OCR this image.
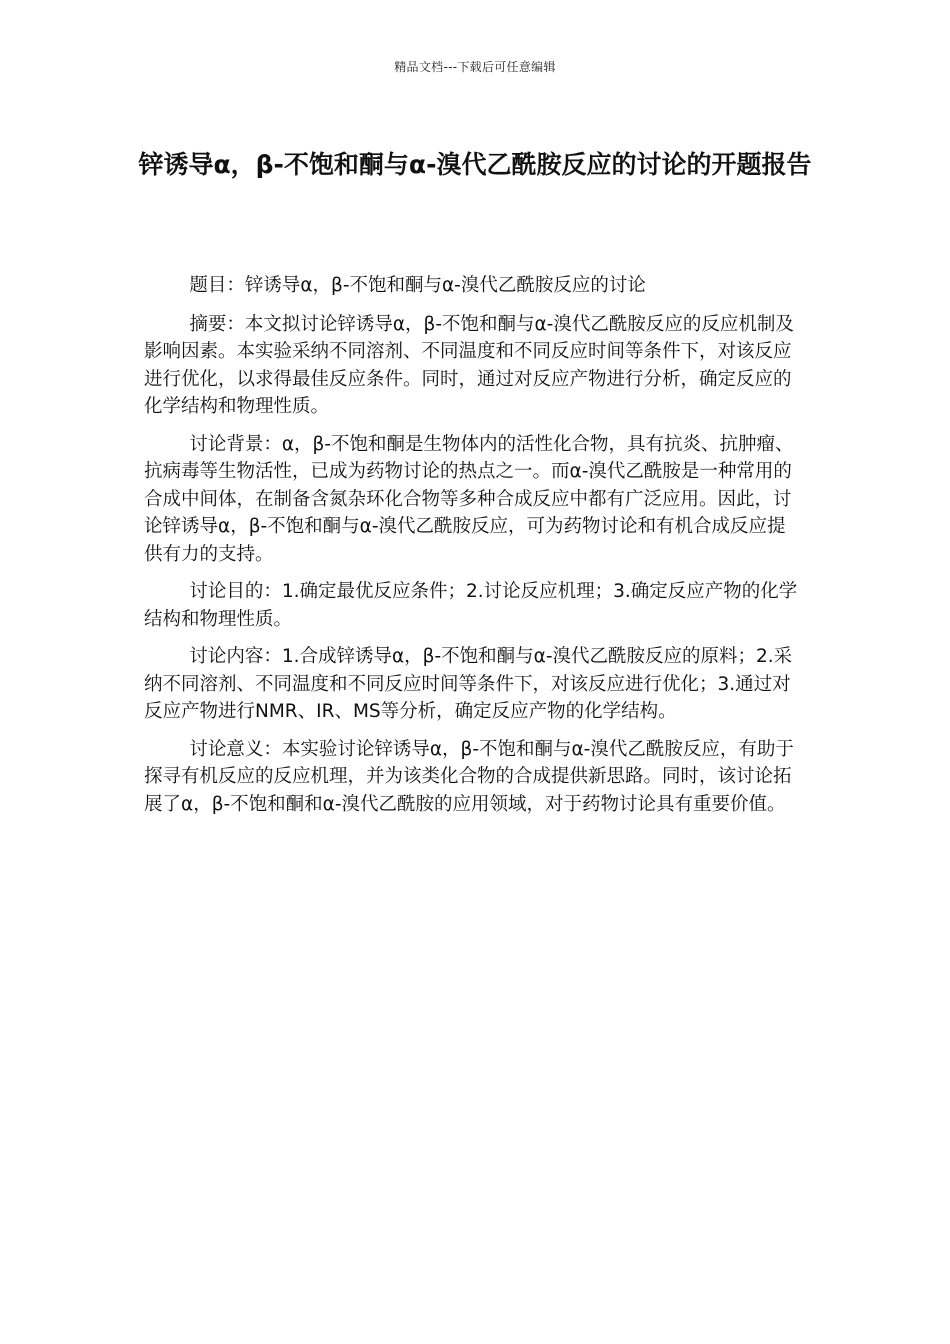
精品文档---下载后可任意编辑
锌诱导α，β-不饱和酮与α-溴代乙酰胺反应的讨论的开题报告

题目：锌诱导α，β-不饱和酮与α-溴代乙酰胺反应的讨论

摘要：本文拟讨论锌诱导α，β-不饱和酮与α-溴代乙酰胺反应的反应机制及影响因素。本实验采纳不同溶剂、不同温度和不同反应时间等条件下，对该反应进行优化，以求得最佳反应条件。同时，通过对反应产物进行分析，确定反应的化学结构和物理性质。

讨论背景：α，β-不饱和酮是生物体内的活性化合物，具有抗炎、抗肿瘤、抗病毒等生物活性，已成为药物讨论的热点之一。而α-溴代乙酰胺是一种常用的合成中间体，在制备含氮杂环化合物等多种合成反应中都有广泛应用。因此，讨论锌诱导α，β-不饱和酮与α-溴代乙酰胺反应，可为药物讨论和有机合成反应提供有力的支持。

讨论目的：1.确定最优反应条件；2.讨论反应机理；3.确定反应产物的化学结构和物理性质。

讨论内容：1.合成锌诱导α，β-不饱和酮与α-溴代乙酰胺反应的原料；2.采纳不同溶剂、不同温度和不同反应时间等条件下，对该反应进行优化；3.通过对反应产物进行NMR、IR、MS等分析，确定反应产物的化学结构。

讨论意义：本实验讨论锌诱导α，β-不饱和酮与α-溴代乙酰胺反应，有助于探寻有机反应的反应机理，并为该类化合物的合成提供新思路。同时，该讨论拓展了α，β-不饱和酮和α-溴代乙酰胺的应用领域，对于药物讨论具有重要价值。
